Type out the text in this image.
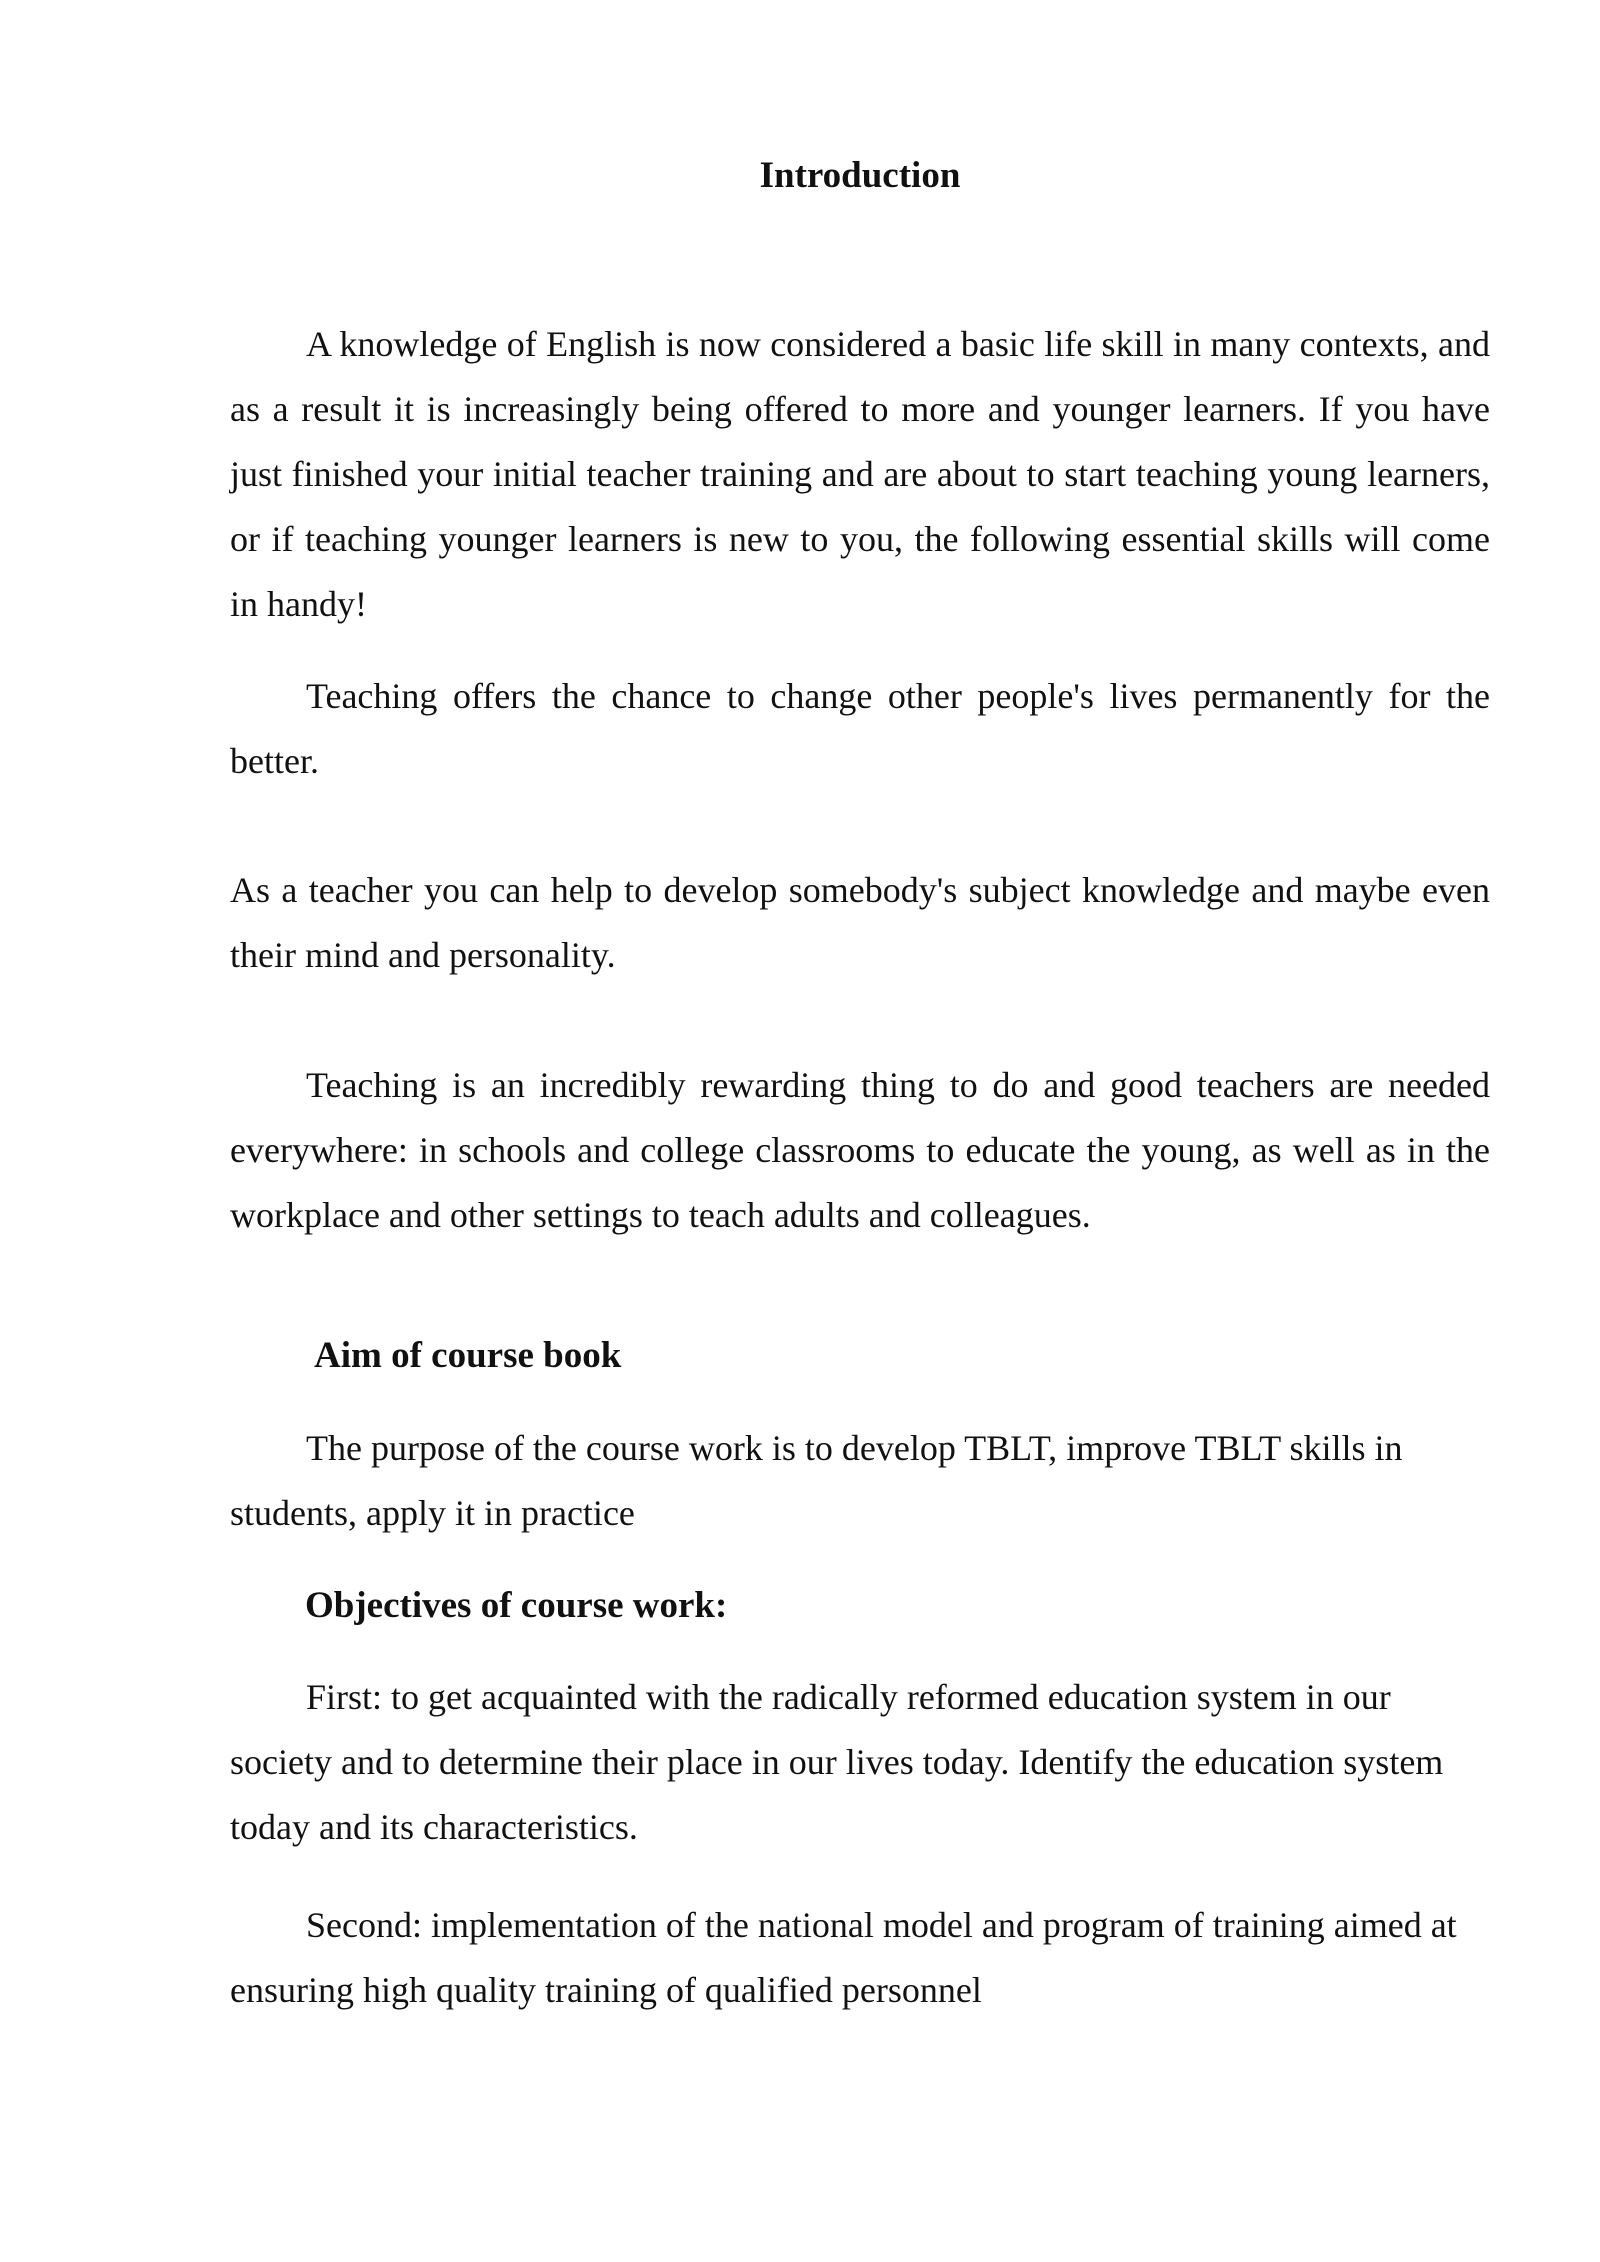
Introduction

A knowledge of English is now considered a basic life skill in many contexts, and as a result it is increasingly being offered to more and younger learners. If you have just finished your initial teacher training and are about to start teaching young learners, or if teaching younger learners is new to you, the following essential skills will come in handy!

Teaching offers the chance to change other people's lives permanently for the better.

As a teacher you can help to develop somebody's subject knowledge and maybe even their mind and personality.

Teaching is an incredibly rewarding thing to do and good teachers are needed everywhere: in schools and college classrooms to educate the young, as well as in the workplace and other settings to teach adults and colleagues.

Aim of course book

The purpose of the course work is to develop TBLT, improve TBLT skills in students, apply it in practice

Objectives of course work:

First: to get acquainted with the radically reformed education system in our society and to determine their place in our lives today. Identify the education system today and its characteristics.

Second: implementation of the national model and program of training aimed at ensuring high quality training of qualified personnel
